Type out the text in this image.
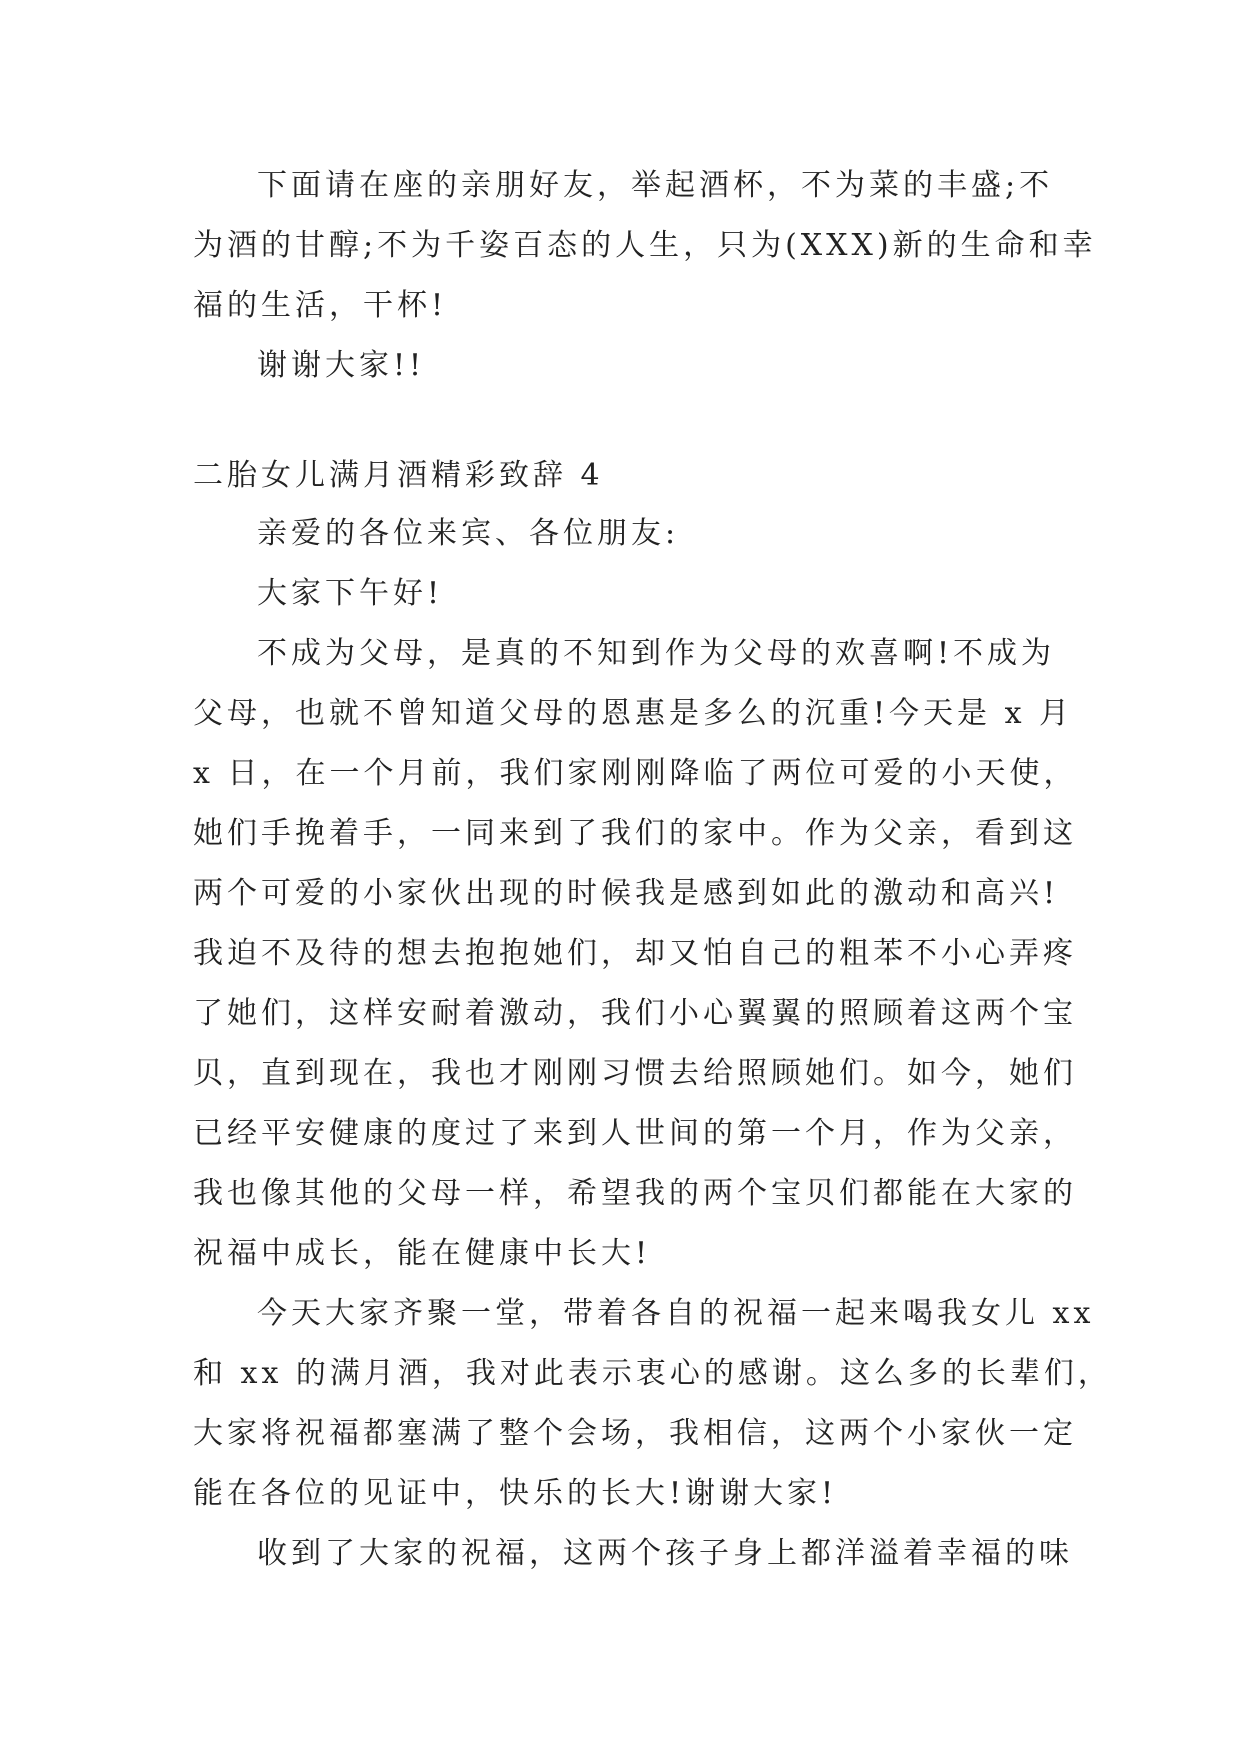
下面请在座的亲朋好友，举起酒杯，不为菜的丰盛;不
为酒的甘醇;不为千姿百态的人生，只为(XXX)新的生命和幸
福的生活，干杯!

谢谢大家!!

二胎女儿满月酒精彩致辞 4

亲爱的各位来宾、各位朋友:

大家下午好!

不成为父母，是真的不知到作为父母的欢喜啊!不成为
父母，也就不曾知道父母的恩惠是多么的沉重!今天是 x 月
x 日，在一个月前，我们家刚刚降临了两位可爱的小天使，
她们手挽着手，一同来到了我们的家中。作为父亲，看到这
两个可爱的小家伙出现的时候我是感到如此的激动和高兴!
我迫不及待的想去抱抱她们，却又怕自己的粗苯不小心弄疼
了她们，这样安耐着激动，我们小心翼翼的照顾着这两个宝
贝，直到现在，我也才刚刚习惯去给照顾她们。如今，她们
已经平安健康的度过了来到人世间的第一个月，作为父亲，
我也像其他的父母一样，希望我的两个宝贝们都能在大家的
祝福中成长，能在健康中长大!

今天大家齐聚一堂，带着各自的祝福一起来喝我女儿 xx
和 xx 的满月酒，我对此表示衷心的感谢。这么多的长辈们，
大家将祝福都塞满了整个会场，我相信，这两个小家伙一定
能在各位的见证中，快乐的长大!谢谢大家!

收到了大家的祝福，这两个孩子身上都洋溢着幸福的味
